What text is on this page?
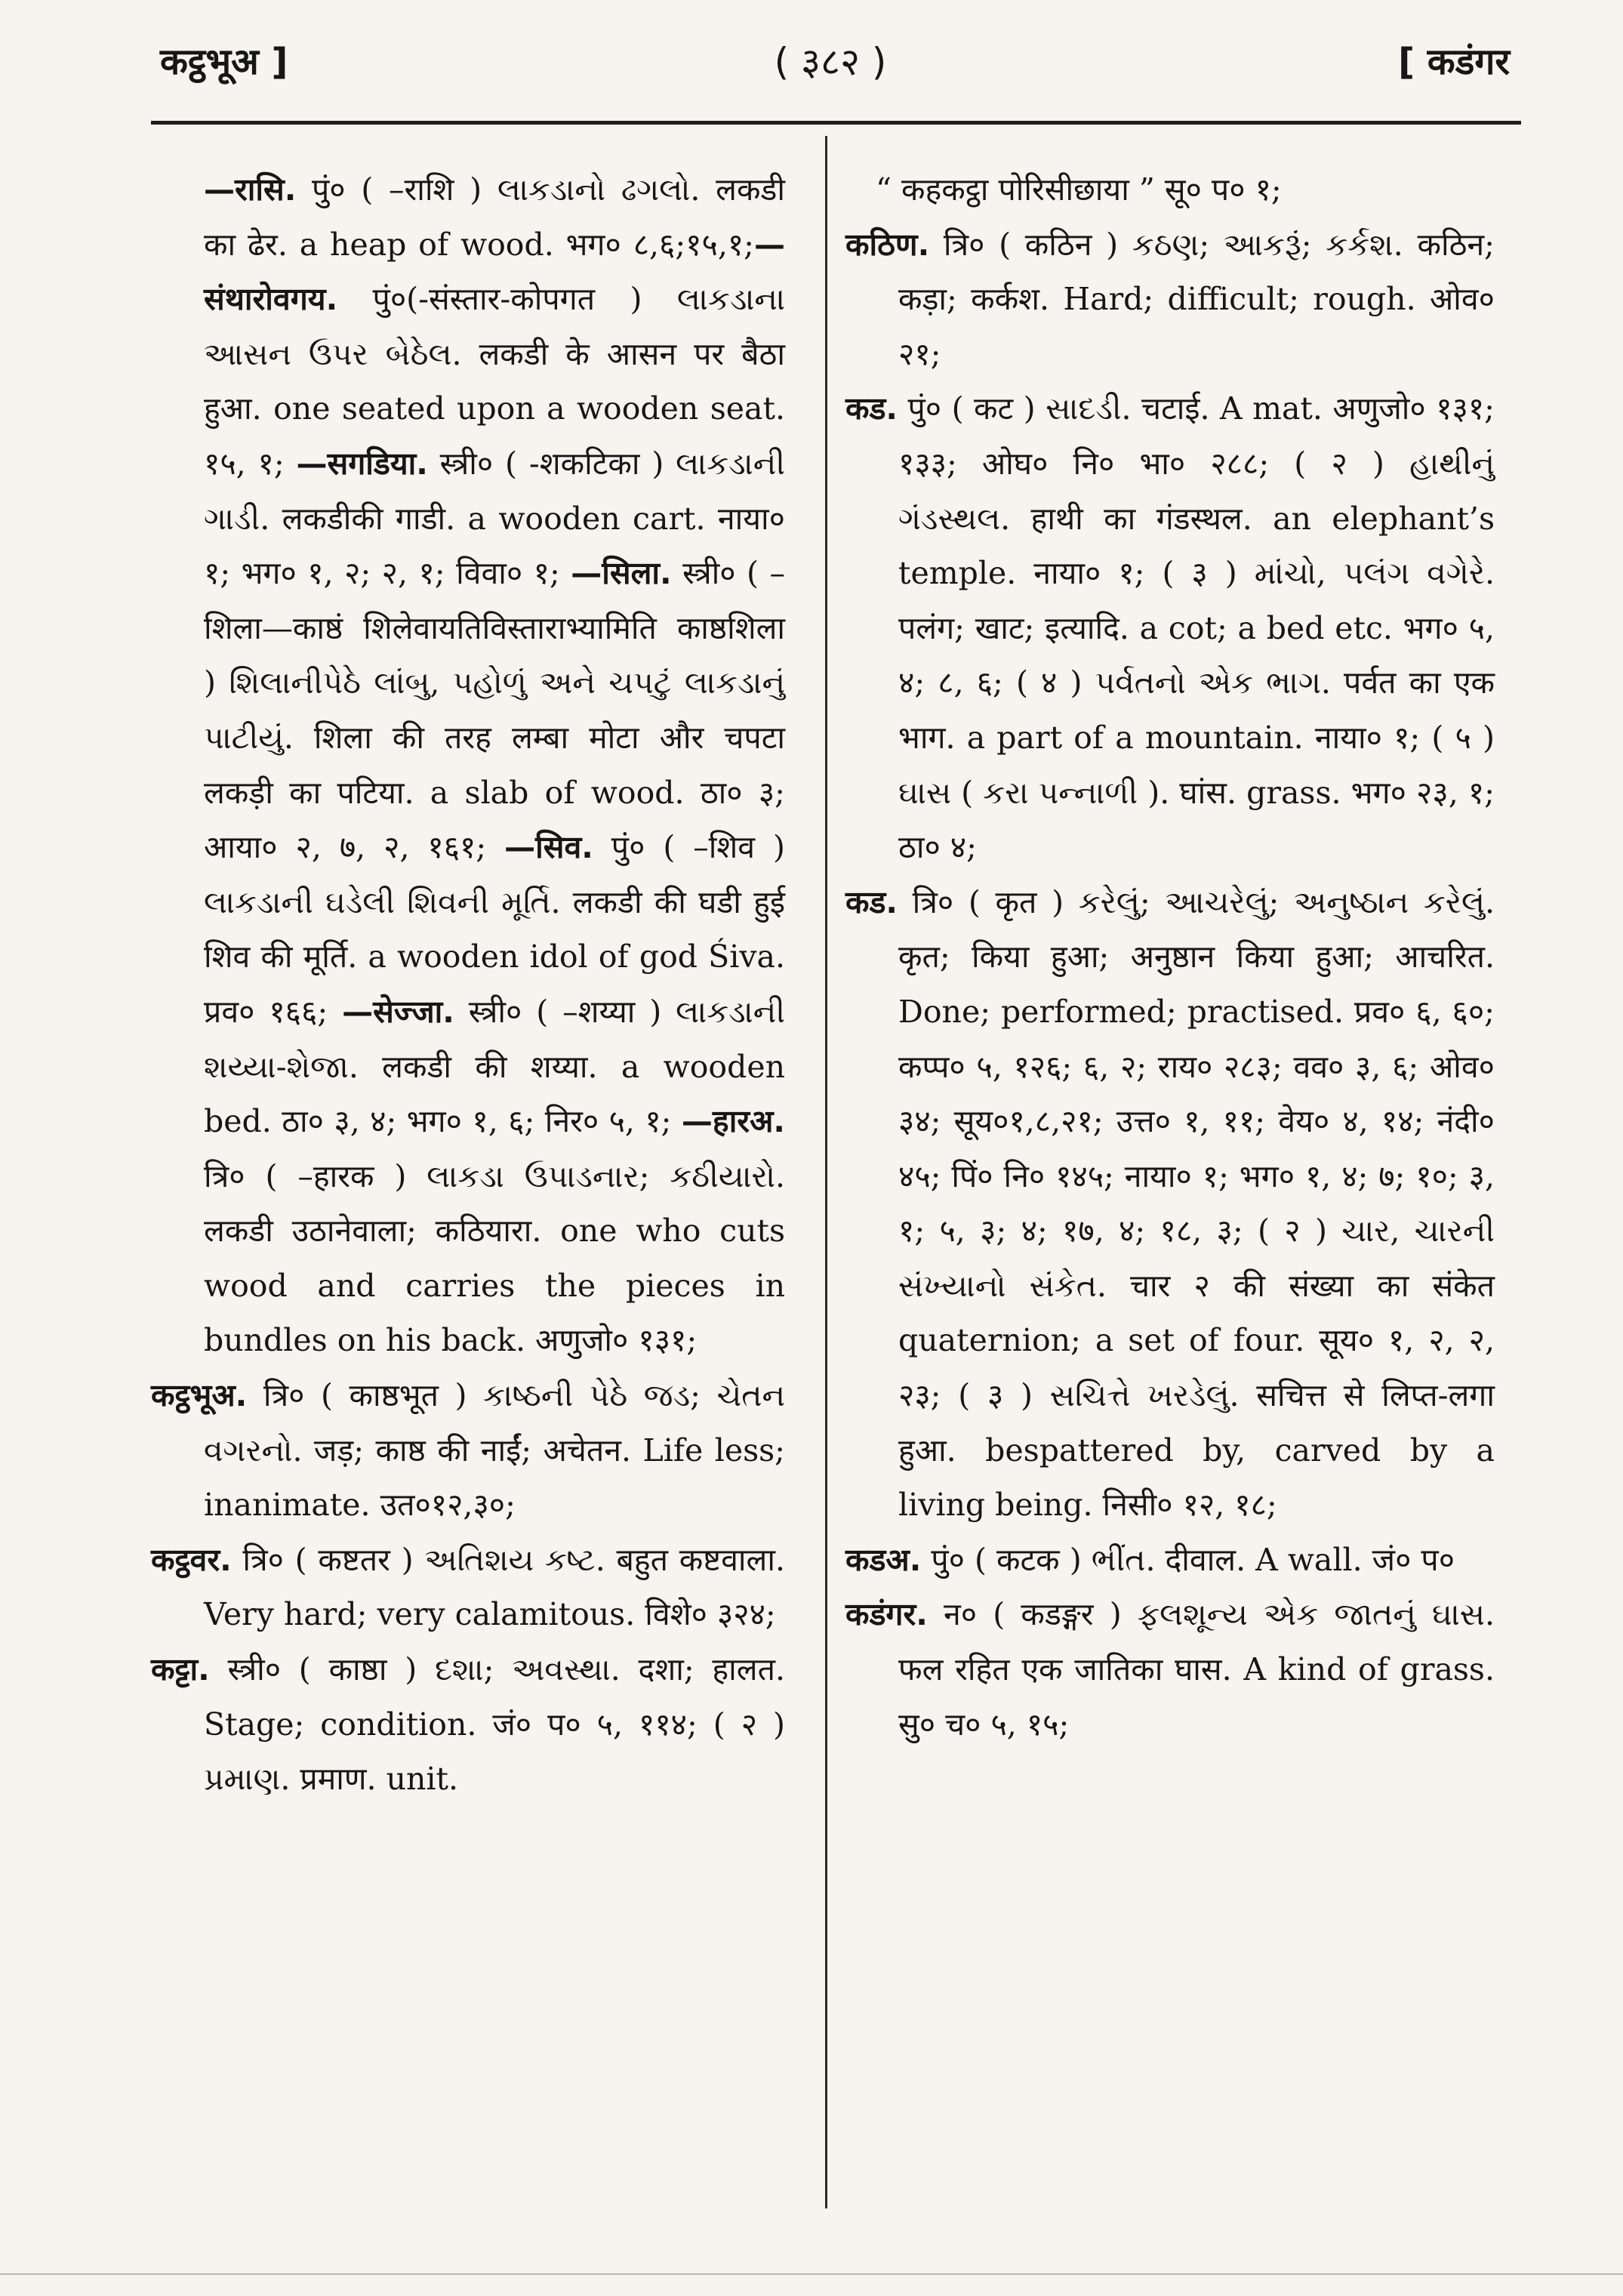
कट्ठभूअ ]	( ३८२ )	[ कडंगर

—रासि. पुं० ( –राशि ) લાકડાનો ઢગલો. लकडी का ढेर. a heap of wood. भग० ८,६;१५,१;—संथारोवगय. पुं०(-संस्तार-कोपगत ) લાકડાના આસન ઉપર બેઠેલ. लकडी के आसन पर बैठा हुआ. one seated upon a wooden seat. १५, १; —सगडिया. स्त्री० ( -शकटिका ) લાકડાની ગાડી. लकडीकी गाडी. a wooden cart. नाया० १; भग० १, २; २, १; विवा० १; —सिला. स्त्री० ( –शिला—काष्ठं शिलेवायतिविस्ताराभ्यामिति काष्ठशिला ) શિલાનીપેઠે લાંબુ, પહોળું અને ચપટું લાકડાનું પાટીયું. शिला की तरह लम्बा मोटा और चपटा लकड़ी का पटिया. a slab of wood. ठा० ३; आया० २, ७, २, १६१; —सिव. पुं० ( –शिव ) લાકડાની ઘડેલી શિવની મૂર્તિ. लकडी की घडी हुई शिव की मूर्ति. a wooden idol of god Śiva. प्रव० १६६; —सेज्जा. स्त्री० ( –शय्या ) લાકડાની શય્યા-શેજા. लकडी की शय्या. a wooden bed. ठा० ३, ४; भग० १, ६; निर० ५, १; —हारअ. त्रि० ( –हारक ) લાકડા ઉપાડનાર; કઠીયારો. लकडी उठानेवाला; कठियारा. one who cuts wood and carries the pieces in bundles on his back. अणुजो० १३१;

कट्ठभूअ. त्रि० ( काष्ठभूत ) કાષ્ઠની પેઠે જડ; ચેતન વગરનો. जड़; काष्ठ की नाईं; अचेतन. Life less; inanimate. उत०१२,३०;

कट्ठवर. त्रि० ( कष्टतर ) અતિશય કષ્ટ. बहुत कष्टवाला. Very hard; very calamitous. विशे० ३२४;

कट्टा. स्त्री० ( काष्ठा ) દશા; અવસ્થા. दशा; हालत. Stage; condition. जं० प० ५, ११४; ( २ ) પ્રમાણ. प्रमाण. unit.

“ कहकट्ठा पोरिसीछाया ” सू० प० १;

कठिण. त्रि० ( कठिन ) કઠણ; આકરૂં; કર્કશ. कठिन; कड़ा; कर्कश. Hard; difficult; rough. ओव० २१;

कड. पुं० ( कट ) સાદડી. चटाई. A mat. अणुजो० १३१; १३३; ओघ० नि० भा० २८८; ( २ ) હાથીનું ગંડસ્થલ. हाथी का गंडस्थल. an elephant’s temple. नाया० १; ( ३ ) માંચો, પલંગ વગેરે. पलंग; खाट; इत्यादि. a cot; a bed etc. भग० ५, ४; ८, ६; ( ४ ) પર્વતનો એક ભાગ. पर्वत का एक भाग. a part of a mountain. नाया० १; ( ५ ) ઘાસ ( કરા પન્નાળી ). घांस. grass. भग० २३, १; ठा० ४;

कड. त्रि० ( कृत ) કરેલું; આચરેલું; અનુષ્ઠાન કરેલું. कृत; किया हुआ; अनुष्ठान किया हुआ; आचरित. Done; performed; practised. प्रव० ६, ६०; कप्प० ५, १२६; ६, २; राय० २८३; वव० ३, ६; ओव० ३४; सूय०१,८,२१; उत्त० १, ११; वेय० ४, १४; नंदी० ४५; पिं० नि० १४५; नाया० १; भग० १, ४; ७; १०; ३, १; ५, ३; ४; १७, ४; १८, ३; ( २ ) ચાર, ચારની સંખ્યાનો સંકેત. चार २ की संख्या का संकेत quaternion; a set of four. सूय० १, २, २, २३; ( ३ ) સચિત્તે ખરડેલું. सचित्त से लिप्त-लगा हुआ. bespattered by, carved by a living being. निसी० १२, १८;

कडअ. पुं० ( कटक ) ભીંત. दीवाल. A wall. जं० प०

कडंगर. न० ( कडङ्गर ) ફલશૂન્ય એક જાતનું ઘાસ. फल रहित एक जातिका घास. A kind of grass. सु० च० ५, १५;
